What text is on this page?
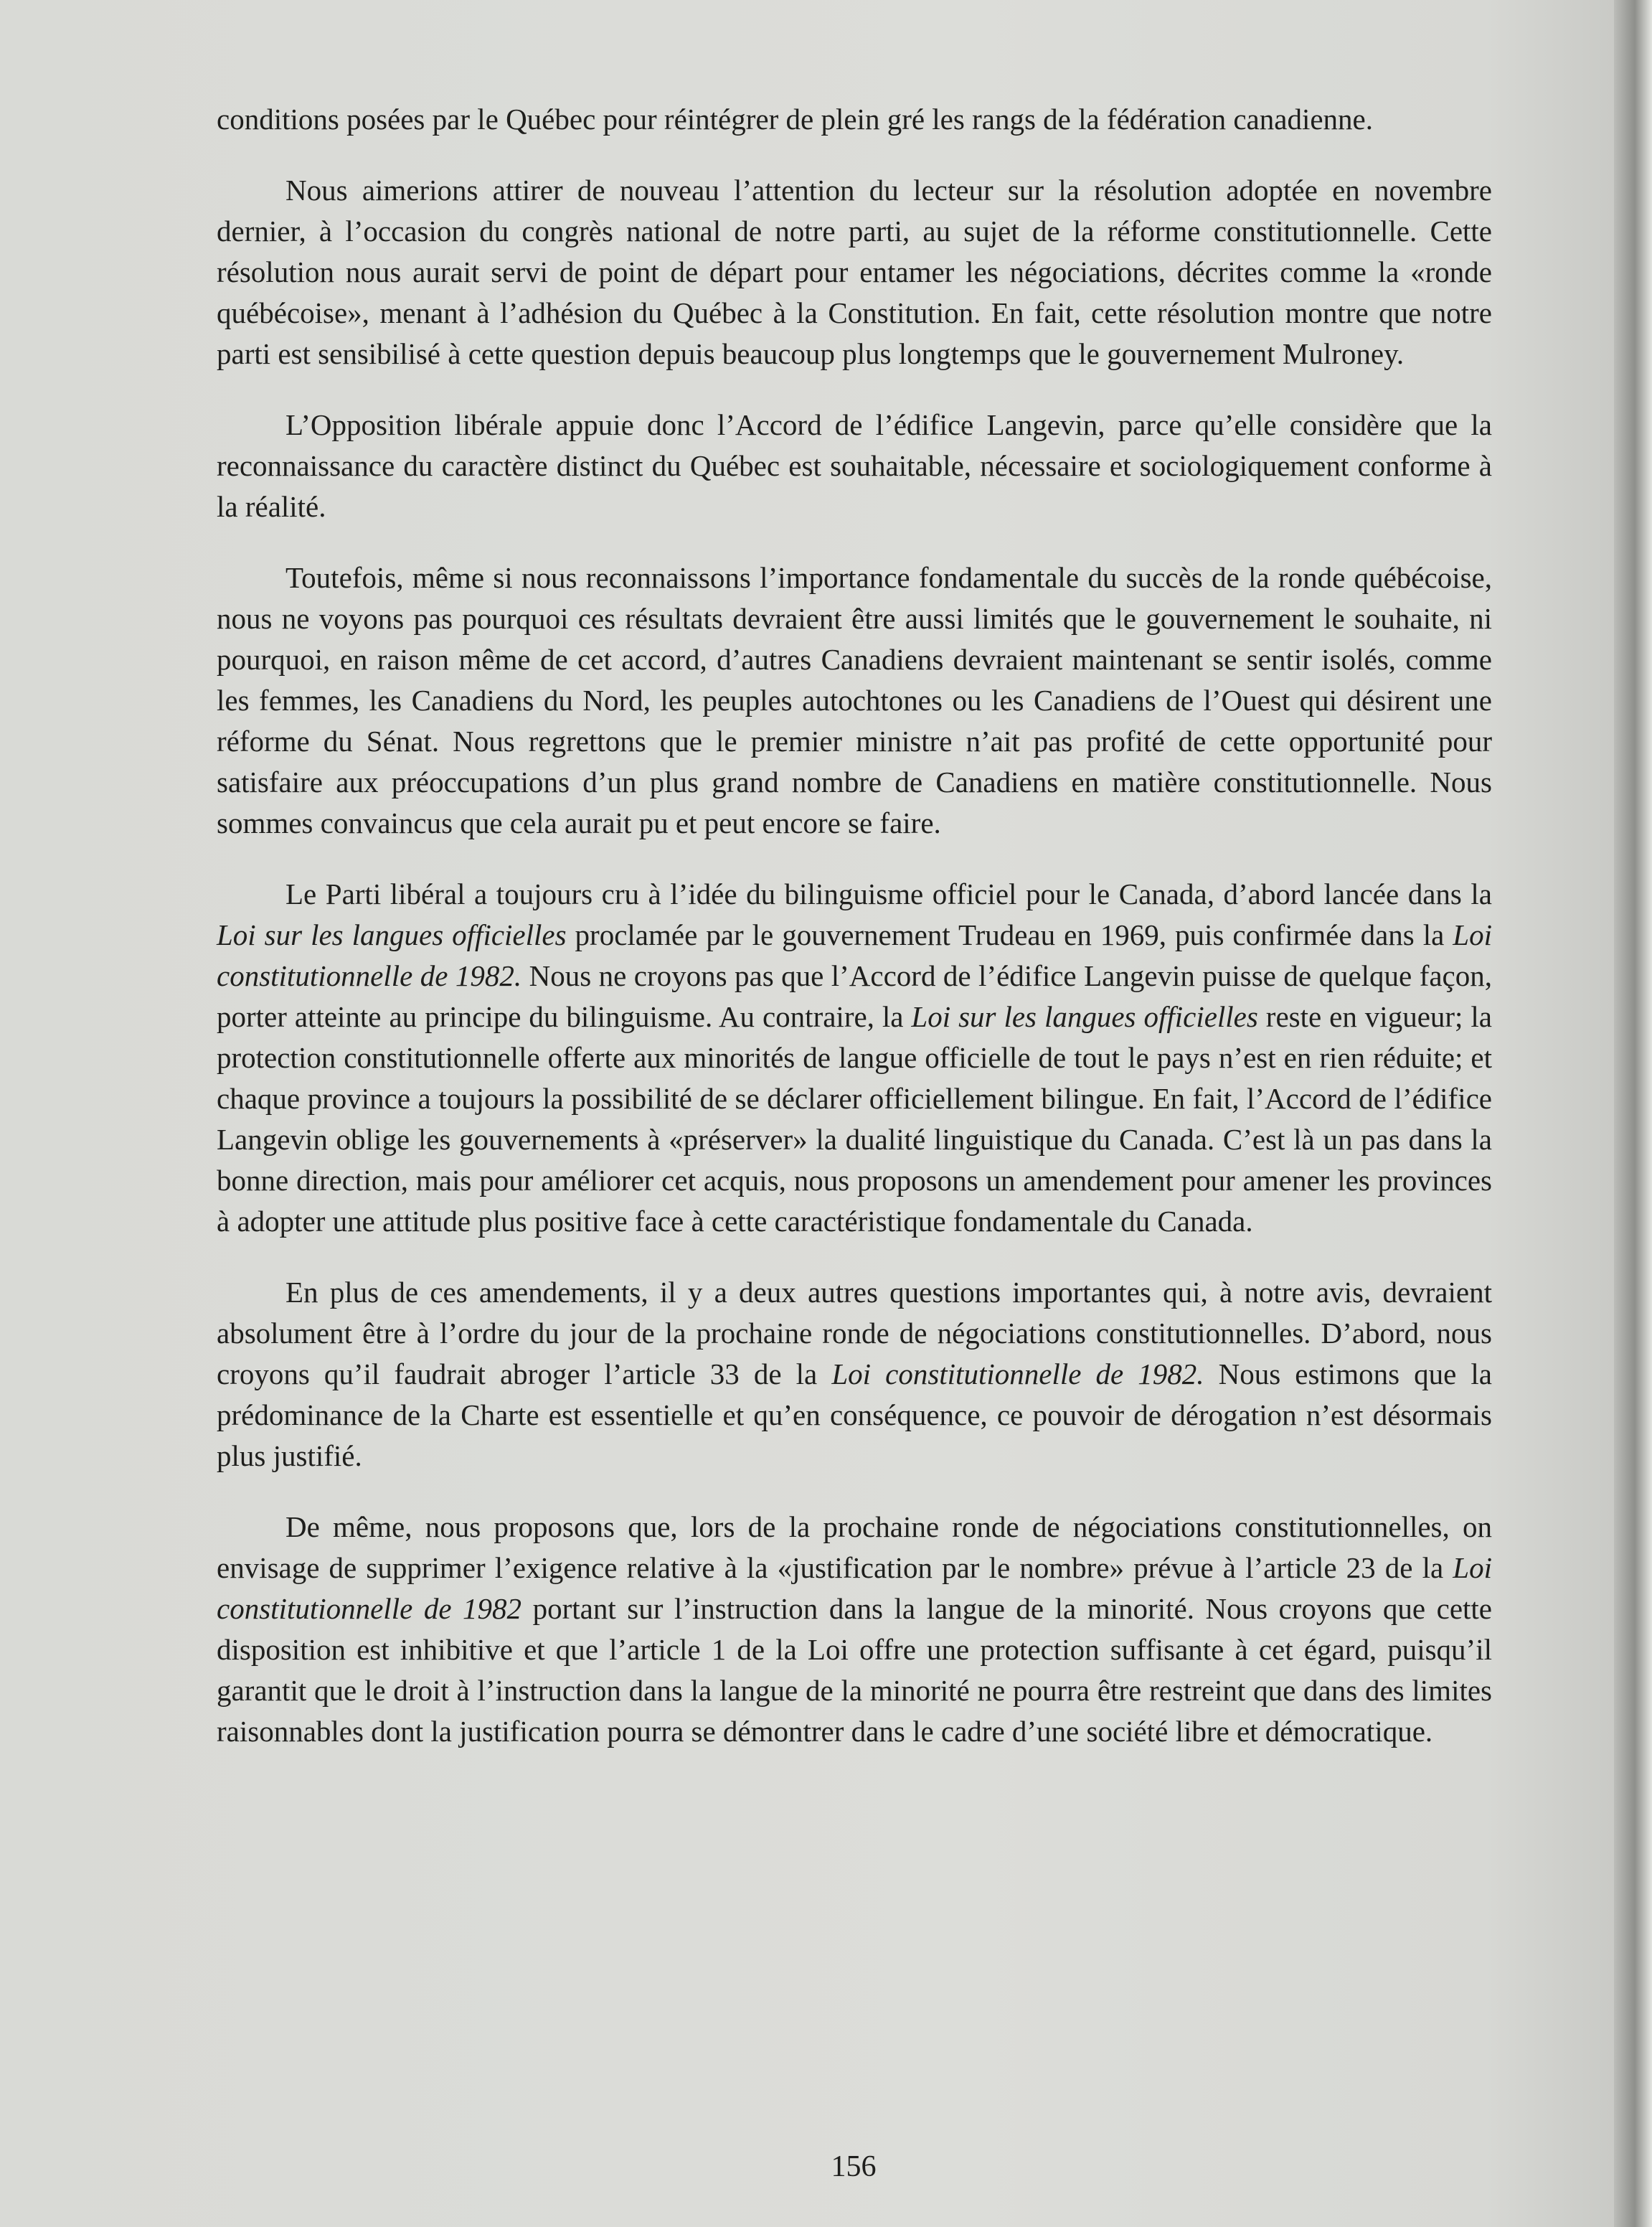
conditions posées par le Québec pour réintégrer de plein gré les rangs de la fédération canadienne.

Nous aimerions attirer de nouveau l’attention du lecteur sur la résolution adoptée en novembre dernier, à l’occasion du congrès national de notre parti, au sujet de la réforme constitutionnelle. Cette résolution nous aurait servi de point de départ pour entamer les négociations, décrites comme la «ronde québécoise», menant à l’adhésion du Québec à la Constitution. En fait, cette résolution montre que notre parti est sensibilisé à cette question depuis beaucoup plus longtemps que le gouvernement Mulroney.

L’Opposition libérale appuie donc l’Accord de l’édifice Langevin, parce qu’elle considère que la reconnaissance du caractère distinct du Québec est souhaitable, nécessaire et sociologiquement conforme à la réalité.

Toutefois, même si nous reconnaissons l’importance fondamentale du succès de la ronde québécoise, nous ne voyons pas pourquoi ces résultats devraient être aussi limités que le gouvernement le souhaite, ni pourquoi, en raison même de cet accord, d’autres Canadiens devraient maintenant se sentir isolés, comme les femmes, les Canadiens du Nord, les peuples autochtones ou les Canadiens de l’Ouest qui désirent une réforme du Sénat. Nous regrettons que le premier ministre n’ait pas profité de cette opportunité pour satisfaire aux préoccupations d’un plus grand nombre de Canadiens en matière constitutionnelle. Nous sommes convaincus que cela aurait pu et peut encore se faire.

Le Parti libéral a toujours cru à l’idée du bilinguisme officiel pour le Canada, d’abord lancée dans la Loi sur les langues officielles proclamée par le gouvernement Trudeau en 1969, puis confirmée dans la Loi constitutionnelle de 1982. Nous ne croyons pas que l’Accord de l’édifice Langevin puisse de quelque façon, porter atteinte au principe du bilinguisme. Au contraire, la Loi sur les langues officielles reste en vigueur; la protection constitutionnelle offerte aux minorités de langue officielle de tout le pays n’est en rien réduite; et chaque province a toujours la possibilité de se déclarer officiellement bilingue. En fait, l’Accord de l’édifice Langevin oblige les gouvernements à «préserver» la dualité linguistique du Canada. C’est là un pas dans la bonne direction, mais pour améliorer cet acquis, nous proposons un amendement pour amener les provinces à adopter une attitude plus positive face à cette caractéristique fondamentale du Canada.

En plus de ces amendements, il y a deux autres questions importantes qui, à notre avis, devraient absolument être à l’ordre du jour de la prochaine ronde de négociations constitutionnelles. D’abord, nous croyons qu’il faudrait abroger l’article 33 de la Loi constitutionnelle de 1982. Nous estimons que la prédominance de la Charte est essentielle et qu’en conséquence, ce pouvoir de dérogation n’est désormais plus justifié.

De même, nous proposons que, lors de la prochaine ronde de négociations constitutionnelles, on envisage de supprimer l’exigence relative à la «justification par le nombre» prévue à l’article 23 de la Loi constitutionnelle de 1982 portant sur l’instruction dans la langue de la minorité. Nous croyons que cette disposition est inhibitive et que l’article 1 de la Loi offre une protection suffisante à cet égard, puisqu’il garantit que le droit à l’instruction dans la langue de la minorité ne pourra être restreint que dans des limites raisonnables dont la justification pourra se démontrer dans le cadre d’une société libre et démocratique.

156
